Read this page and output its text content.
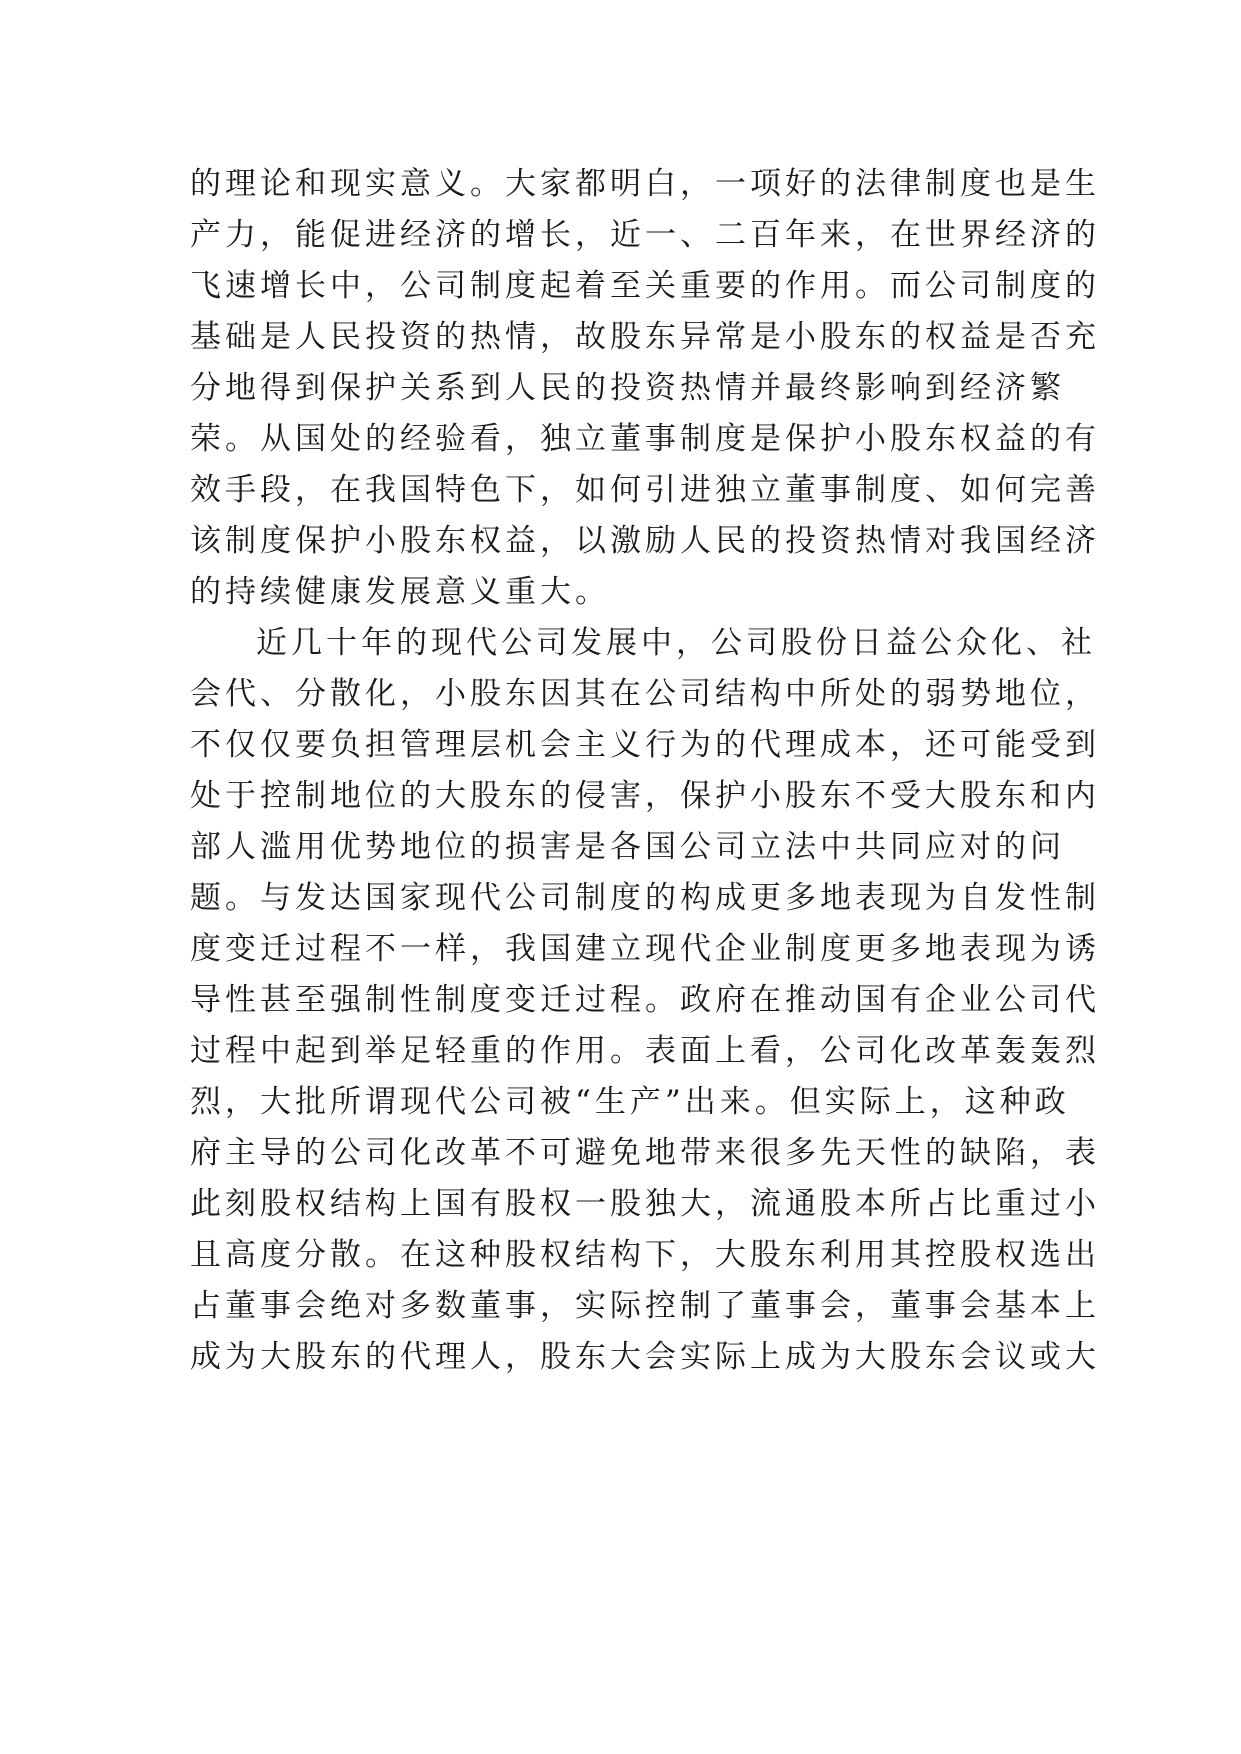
的理论和现实意义。大家都明白，一项好的法律制度也是生
产力，能促进经济的增长，近一、二百年来，在世界经济的
飞速增长中，公司制度起着至关重要的作用。而公司制度的
基础是人民投资的热情，故股东异常是小股东的权益是否充
分地得到保护关系到人民的投资热情并最终影响到经济繁
荣。从国处的经验看，独立董事制度是保护小股东权益的有
效手段，在我国特色下，如何引进独立董事制度、如何完善
该制度保护小股东权益，以激励人民的投资热情对我国经济
的持续健康发展意义重大。
近几十年的现代公司发展中，公司股份日益公众化、社
会代、分散化，小股东因其在公司结构中所处的弱势地位，
不仅仅要负担管理层机会主义行为的代理成本，还可能受到
处于控制地位的大股东的侵害，保护小股东不受大股东和内
部人滥用优势地位的损害是各国公司立法中共同应对的问
题。与发达国家现代公司制度的构成更多地表现为自发性制
度变迁过程不一样，我国建立现代企业制度更多地表现为诱
导性甚至强制性制度变迁过程。政府在推动国有企业公司代
过程中起到举足轻重的作用。表面上看，公司化改革轰轰烈
烈，大批所谓现代公司被“生产”出来。但实际上，这种政
府主导的公司化改革不可避免地带来很多先天性的缺陷，表
此刻股权结构上国有股权一股独大，流通股本所占比重过小
且高度分散。在这种股权结构下，大股东利用其控股权选出
占董事会绝对多数董事，实际控制了董事会，董事会基本上
成为大股东的代理人，股东大会实际上成为大股东会议或大
